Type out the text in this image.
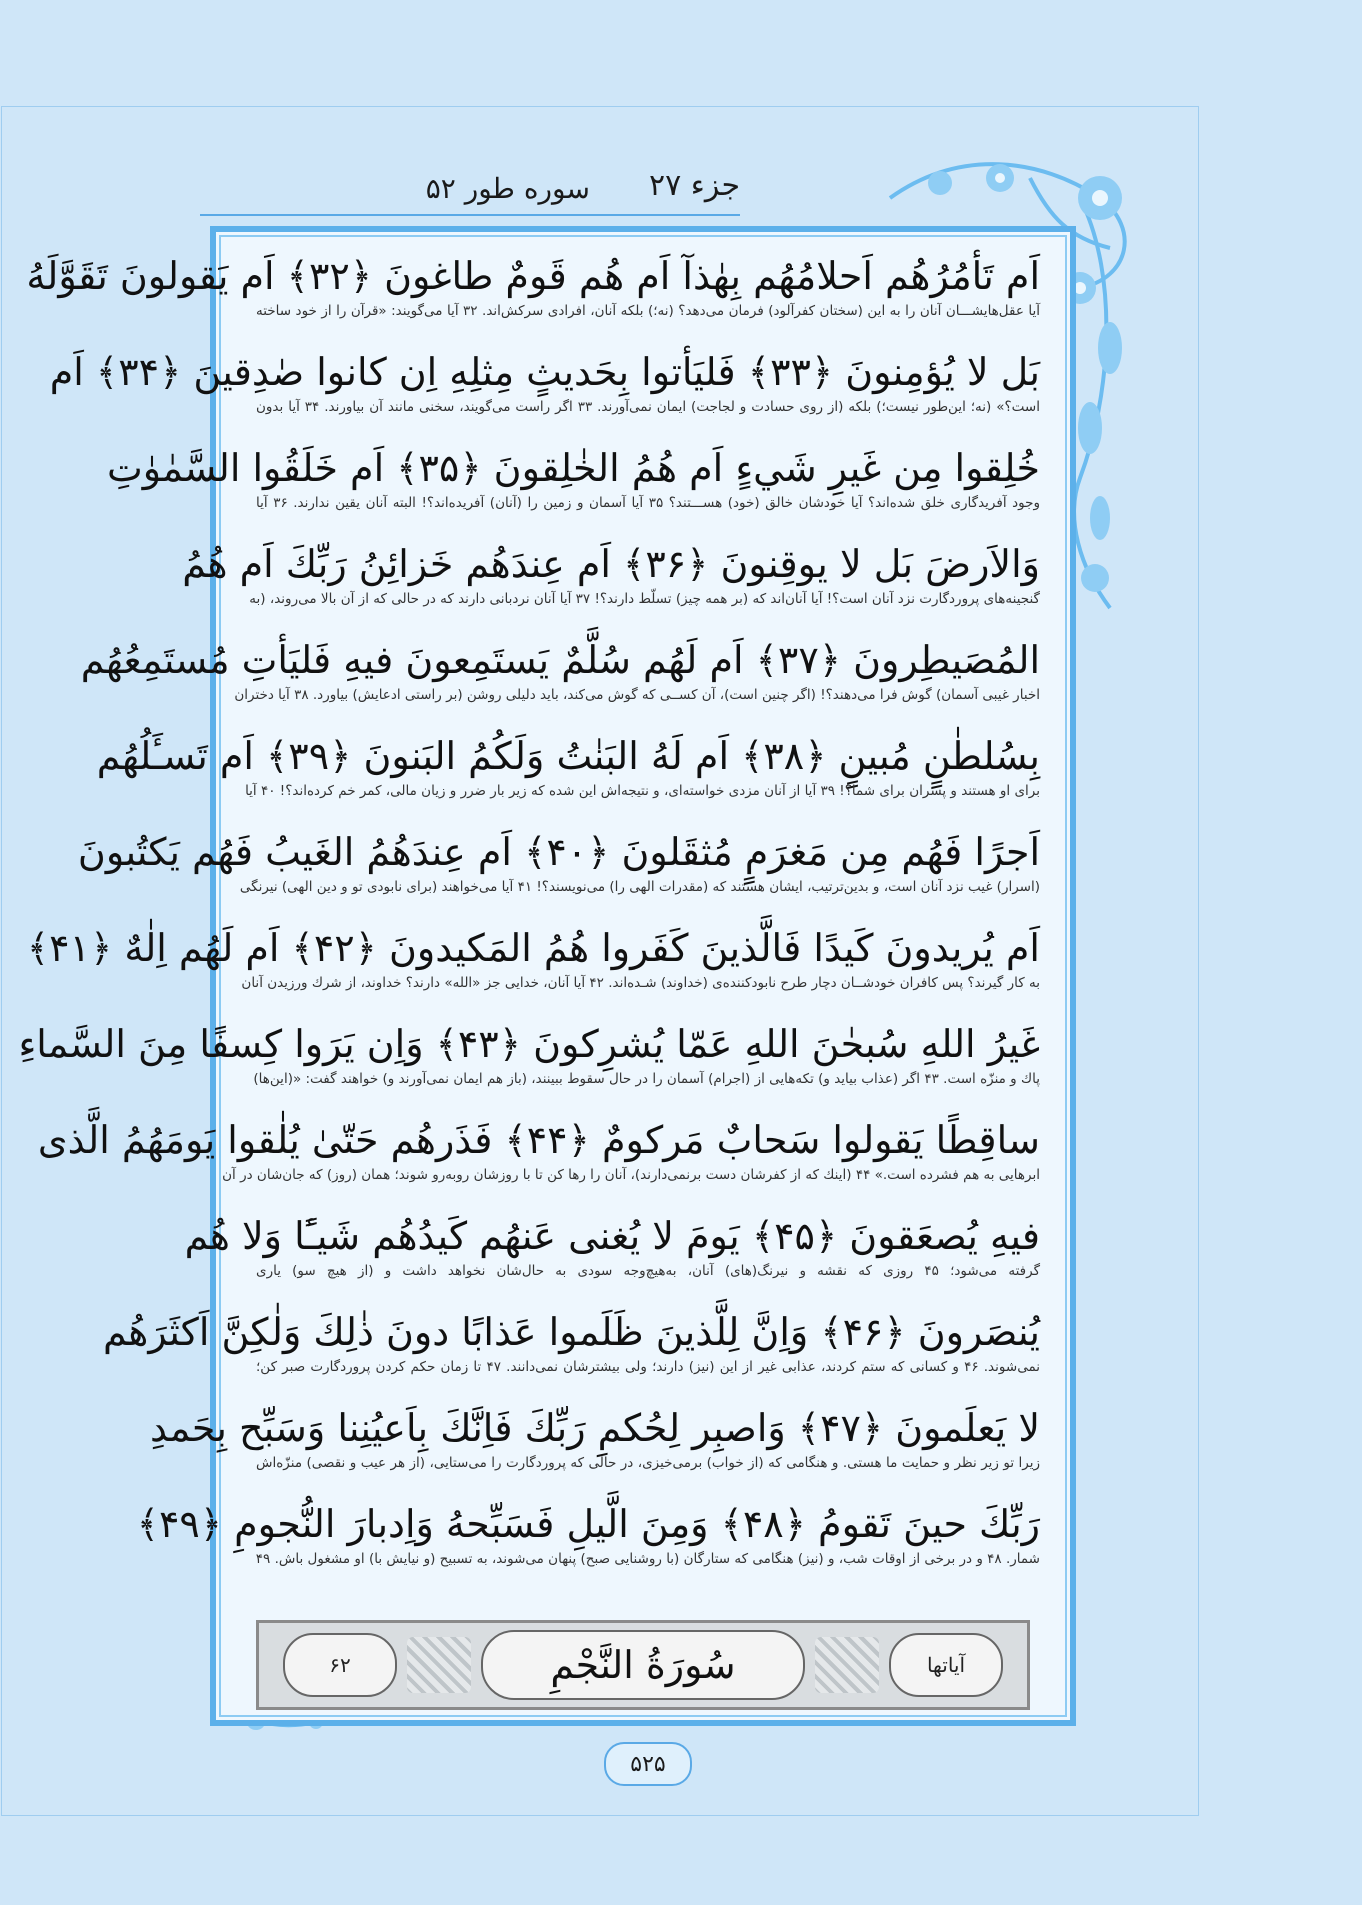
جزء ۲۷
سوره طور ۵۲
اَم تَأمُرُهُم اَحلامُهُم بِهٰذآ اَم هُم قَومٌ طاغونَ ﴿۳۲﴾ اَم يَقولونَ تَقَوَّلَهُ
آيا عقل‌هايشـــان آنان را به اين (سختان كفرآلود) فرمان مى‌دهد؟ (نه؛) بلكه آنان، افرادى سركش‌اند. ۳۲ آيا مى‌گويند: «قرآن را از خود ساخته
بَل لا يُؤمِنونَ ﴿۳۳﴾ فَليَأتوا بِحَديثٍ مِثلِهِ اِن كانوا صٰدِقينَ ﴿۳۴﴾ اَم
است؟» (نه؛ اين‌طور نيست؛) بلكه (از روى حسادت و لجاجت) ايمان نمى‌آورند. ۳۳ اگر راست مى‌گويند، سخنى مانند آن بياورند. ۳۴ آيا بدون
خُلِقوا مِن غَيرِ شَيءٍ اَم هُمُ الخٰلِقونَ ﴿۳۵﴾ اَم خَلَقُوا السَّمٰوٰتِ
وجود آفريدگارى خلق شده‌اند؟ آيا خودشان خالق (خود) هســـتند؟ ۳۵ آيا آسمان و زمين را (آنان) آفريده‌اند؟! البته آنان يقين ندارند. ۳۶ آيا
وَالاَرضَ بَل لا يوقِنونَ ﴿۳۶﴾ اَم عِندَهُم خَزائِنُ رَبِّكَ اَم هُمُ
گنجينه‌هاى پروردگارت نزد آنان است؟! آيا آنان‌اند كه (بر همه چيز) تسلّط دارند؟! ۳۷ آيا آنان نردبانى دارند كه در حالى كه از آن بالا مى‌روند، (به
المُصَيطِرونَ ﴿۳۷﴾ اَم لَهُم سُلَّمٌ يَستَمِعونَ فيهِ فَليَأتِ مُستَمِعُهُم
اخبار غيبى آسمان) گوش فرا مى‌دهند؟! (اگر چنين است)، آن كســى كه گوش مى‌كند، بايد دليلى روشن (بر راستى ادعايش) بياورد. ۳۸ آيا دختران
بِسُلطٰنٍ مُبينٍ ﴿۳۸﴾ اَم لَهُ البَنٰتُ وَلَكُمُ البَنونَ ﴿۳۹﴾ اَم تَسـَٔلُهُم
براى او هستند و پسران براى شما؟! ۳۹ آيا از آنان مزدى خواسته‌اى، و نتيجه‌اش اين شده كه زير بار ضرر و زيان مالى، كمر خم كرده‌اند؟! ۴۰ آيا
اَجرًا فَهُم مِن مَغرَمٍ مُثقَلونَ ﴿۴۰﴾ اَم عِندَهُمُ الغَيبُ فَهُم يَكتُبونَ
(اسرار) غيب نزد آنان است، و بدين‌ترتيب، ايشان هستند كه (مقدرات الهى را) مى‌نويسند؟! ۴۱ آيا مى‌خواهند (براى نابودى تو و دين الهى) نيرنگى
اَم يُريدونَ كَيدًا فَالَّذينَ كَفَروا هُمُ المَكيدونَ ﴿۴۲﴾ اَم لَهُم اِلٰهٌ ﴿۴۱﴾
به كار گيرند؟ پس كافران خودشــان دچار طرح نابودكننده‌ى (خداوند) شـده‌اند. ۴۲ آيا آنان، خدايى جز «الله» دارند؟ خداوند، از شرك ورزيدن آنان
غَيرُ اللهِ سُبحٰنَ اللهِ عَمّا يُشرِكونَ ﴿۴۳﴾ وَاِن يَرَوا كِسفًا مِنَ السَّماءِ
پاك و منزّه است. ۴۳ اگر (عذاب بيايد و) تكه‌هايى از (اجرام) آسمان را در حال سقوط ببينند، (باز هم ايمان نمى‌آورند و) خواهند گفت: «(اين‌ها)
ساقِطًا يَقولوا سَحابٌ مَركومٌ ﴿۴۴﴾ فَذَرهُم حَتّىٰ يُلٰقوا يَومَهُمُ الَّذى
ابرهايى به هم فشرده است.» ۴۴ (اينك كه از كفرشان دست برنمى‌دارند)، آنان را رها كن تا با روزشان روبه‌رو شوند؛ همان (روز) كه جان‌شان در آن
فيهِ يُصعَقونَ ﴿۴۵﴾ يَومَ لا يُغنى عَنهُم كَيدُهُم شَيـًٔا وَلا هُم
گرفته مى‌شود؛ ۴۵ روزى كه نقشه و نيرنگ(هاى) آنان، به‌هيچ‌وجه سودى به حال‌شان نخواهد داشت و (از هيچ سو) يارى
يُنصَرونَ ﴿۴۶﴾ وَاِنَّ لِلَّذينَ ظَلَموا عَذابًا دونَ ذٰلِكَ وَلٰكِنَّ اَكثَرَهُم
نمى‌شوند. ۴۶ و كسانى كه ستم كردند، عذابى غير از اين (نيز) دارند؛ ولى بيشترشان نمى‌دانند. ۴۷ تا زمان حكم كردن پروردگارت صبر كن؛
لا يَعلَمونَ ﴿۴۷﴾ وَاصبِر لِحُكمِ رَبِّكَ فَاِنَّكَ بِاَعيُنِنا وَسَبِّح بِحَمدِ
زيرا تو زير نظر و حمايت ما هستى. و هنگامى كه (از خواب) برمى‌خيزى، در حالى كه پروردگارت را مى‌ستايى، (از هر عيب و نقصى) منزّه‌اش
رَبِّكَ حينَ تَقومُ ﴿۴۸﴾ وَمِنَ الَّيلِ فَسَبِّحهُ وَاِدبارَ النُّجومِ ﴿۴۹﴾
شمار. ۴۸ و در برخى از اوقات شب، و (نيز) هنگامى كه ستارگان (با روشنايى صبح) پنهان مى‌شوند، به تسبيح (و نيايش با) او مشغول باش. ۴۹
آياتها
سُورَةُ النَّجْمِ
۶۲
۵۲۵
